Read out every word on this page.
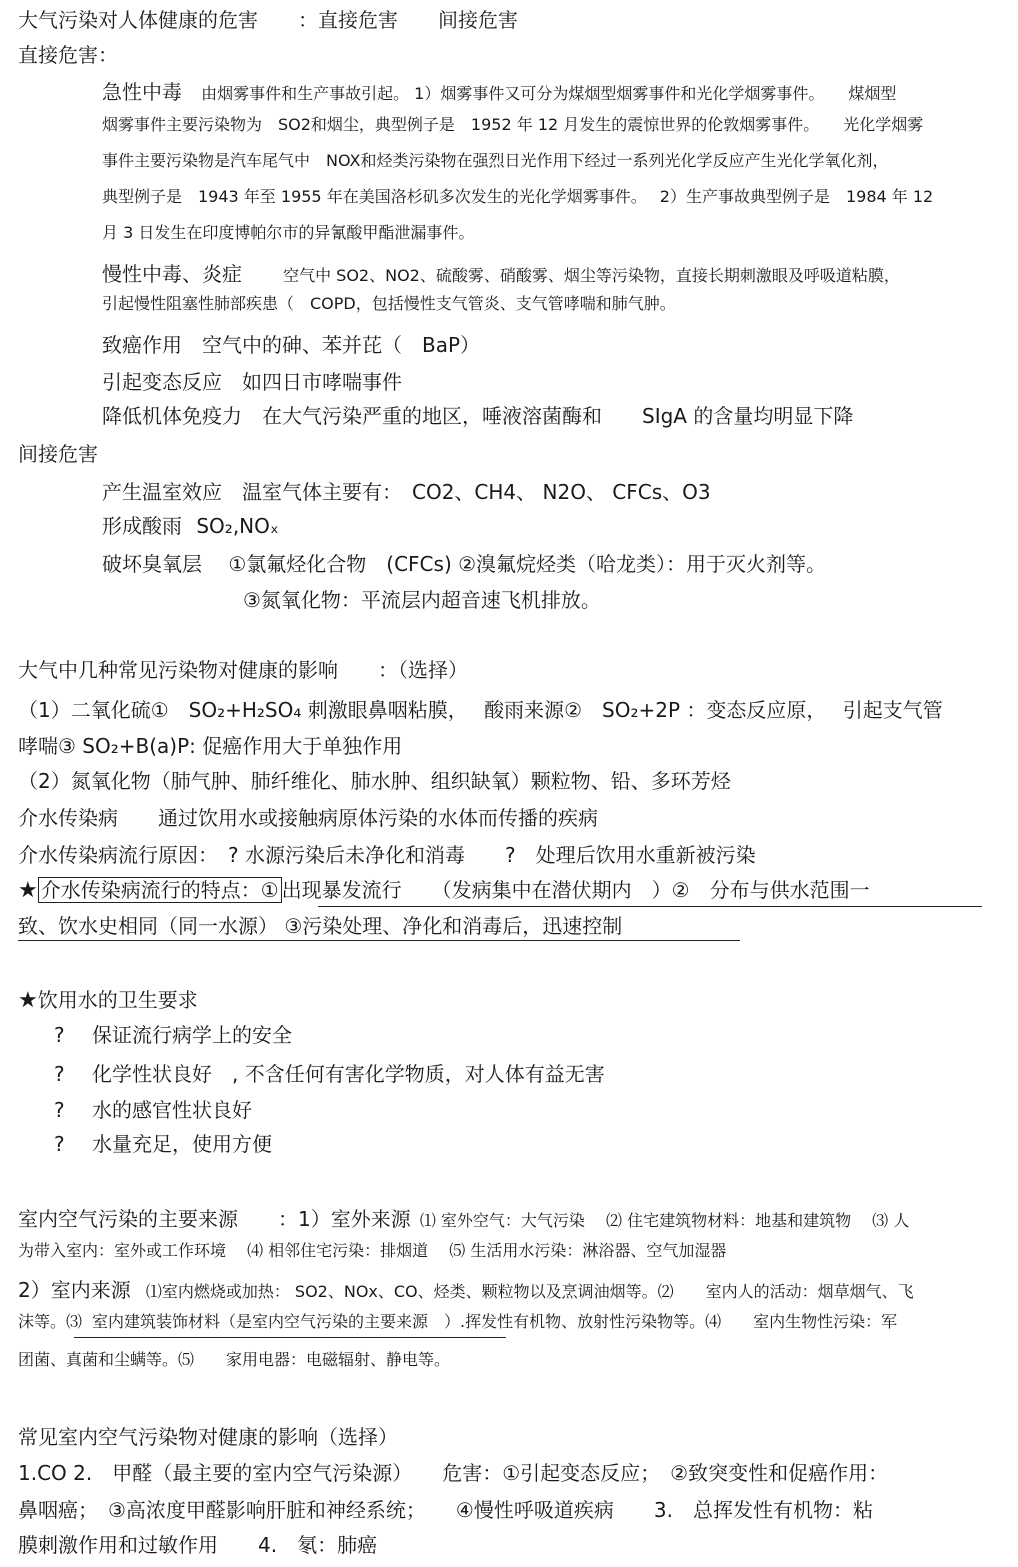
大气污染对人体健康的危害　　：直接危害　　间接危害
直接危害：
急性中毒 由烟雾事件和生产事故引起。 1）烟雾事件又可分为煤烟型烟雾事件和光化学烟雾事件。　　煤烟型
烟雾事件主要污染物为　SO2和烟尘，典型例子是　1952 年 12 月发生的震惊世界的伦敦烟雾事件。　　光化学烟雾
事件主要污染物是汽车尾气中　NOX和烃类污染物在强烈日光作用下经过一系列光化学反应产生光化学氧化剂，
典型例子是　1943 年至 1955 年在美国洛杉矶多次发生的光化学烟雾事件。　 2）生产事故典型例子是　1984 年 12
月 3 日发生在印度博帕尔市的异氰酸甲酯泄漏事件。
慢性中毒、炎症	空气中 SO2、NO2、硫酸雾、硝酸雾、烟尘等污染物，直接长期刺激眼及呼吸道粘膜，
引起慢性阻塞性肺部疾患（　COPD，包括慢性支气管炎、支气管哮喘和肺气肿。
致癌作用　空气中的砷、苯并芘（　BaP）
引起变态反应　如四日市哮喘事件
降低机体免疫力　在大气污染严重的地区，唾液溶菌酶和　　SIgA 的含量均明显下降
间接危害
产生温室效应　温室气体主要有：　CO2、CH4、 N2O、 CFCs、O3
形成酸雨 SO₂,NOₓ
破坏臭氧层　 ①氯氟烃化合物　(CFCs) ②溴氟烷烃类（哈龙类）：用于灭火剂等。
③氮氧化物：平流层内超音速飞机排放。
大气中几种常见污染物对健康的影响　　：（选择）
（1）二氧化硫①　SO₂+H₂SO₄ 刺激眼鼻咽粘膜，　 酸雨来源②　SO₂+2P ：变态反应原，　 引起支气管
哮喘③ SO₂+B(a)P: 促癌作用大于单独作用
（2）氮氧化物（肺气肿、肺纤维化、肺水肿、组织缺氧）颗粒物、铅、多环芳烃
介水传染病　　通过饮用水或接触病原体污染的水体而传播的疾病
介水传染病流行原因：　? 水源污染后未净化和消毒　　?　处理后饮用水重新被污染
★ 介水传染病流行的特点：① 出现暴发流行　　（发病集中在潜伏期内　）②　分布与供水范围一
致、饮水史相同（同一水源） ③污染处理、净化和消毒后，迅速控制
★饮用水的卫生要求
? 保证流行病学上的安全
? 化学性状良好　, 不含任何有害化学物质，对人体有益无害
? 水的感官性状良好
? 水量充足，使用方便
室内空气污染的主要来源　　：1）室外来源 ⑴ 室外空气：大气污染　 ⑵ 住宅建筑物材料：地基和建筑物　 ⑶ 人
为带入室内：室外或工作环境　 ⑷ 相邻住宅污染：排烟道　 ⑸ 生活用水污染：淋浴器、空气加湿器
2）室内来源 ⑴室内燃烧或加热： SO2、NOx、CO、烃类、颗粒物以及烹调油烟等。⑵　　室内人的活动：烟草烟气、飞
沫等。⑶ 室内建筑装饰材料（是室内空气污染的主要来源　）.挥发性有机物、放射性污染物等。⑷　　室内生物性污染：军
团菌、真菌和尘螨等。⑸　　家用电器：电磁辐射、静电等。
常见室内空气污染物对健康的影响（选择）
1.CO 2.　甲醛（最主要的室内空气污染源）　　危害：①引起变态反应；　②致突变性和促癌作用：
鼻咽癌；　③高浓度甲醛影响肝脏和神经系统；　　④慢性呼吸道疾病　　3.　总挥发性有机物：粘
膜刺激作用和过敏作用　　4.　氡：肺癌
